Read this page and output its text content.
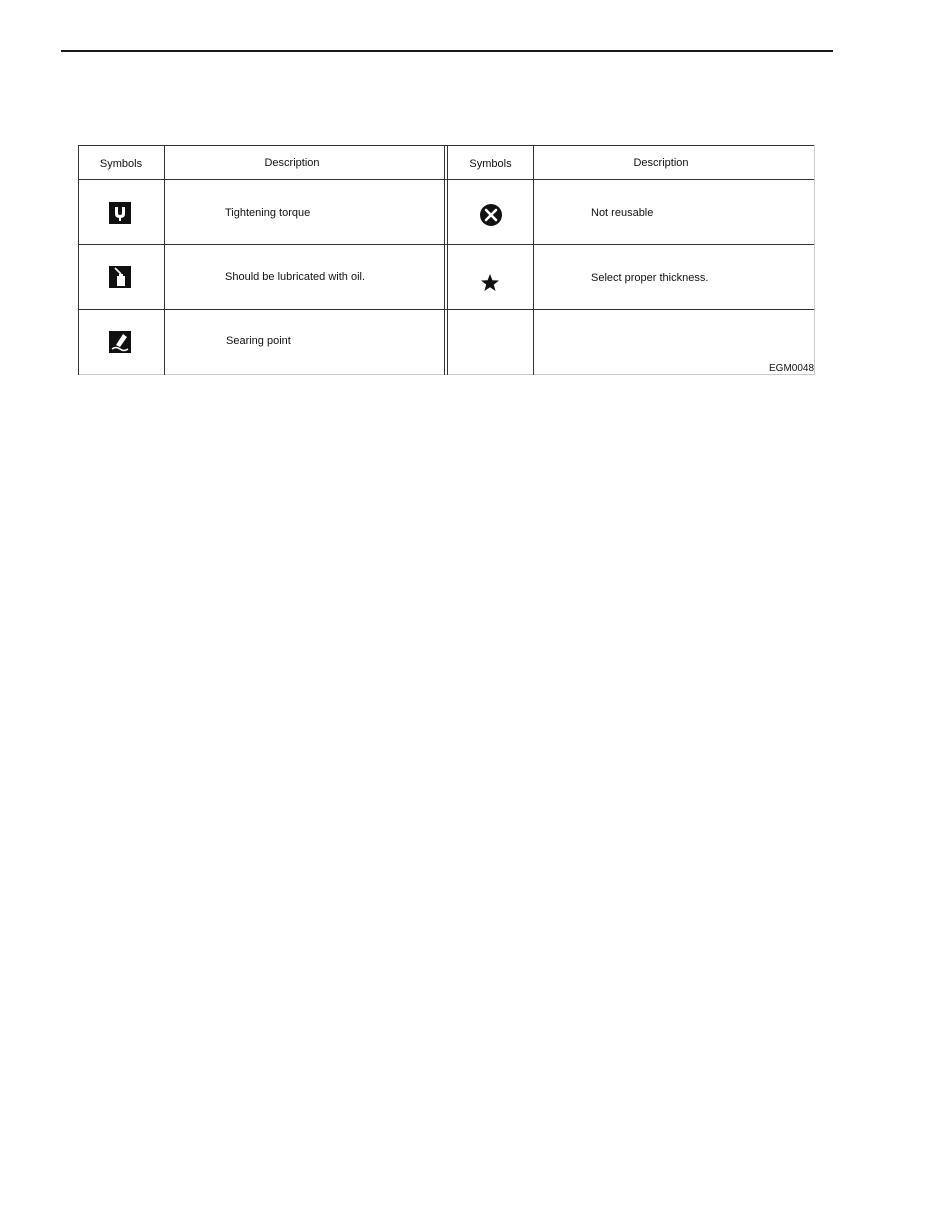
Symbols	Description	Symbols	Description
Tightening torque	Not reusable
Should be lubricated with oil.	Select proper thickness.
Searing point
EGM0048
